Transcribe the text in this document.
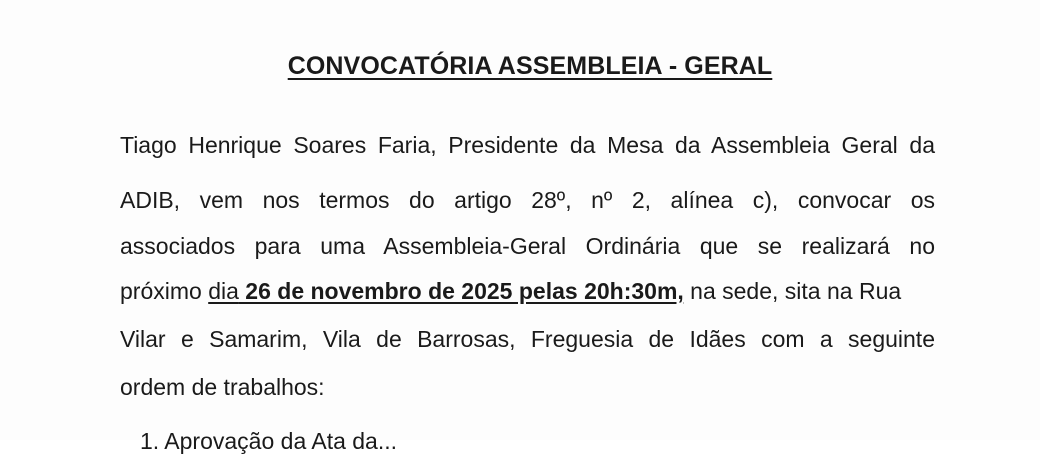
CONVOCATÓRIA ASSEMBLEIA - GERAL
Tiago Henrique Soares Faria, Presidente da Mesa da Assembleia Geral da
ADIB, vem nos termos do artigo 28º, nº 2, alínea c), convocar os
associados para uma Assembleia-Geral Ordinária que se realizará no
próximo dia 26 de novembro de 2025 pelas 20h:30m, na sede, sita na Rua
Vilar e Samarim, Vila de Barrosas, Freguesia de Idães com a seguinte
ordem de trabalhos:
1. Aprovação da Ata da...
